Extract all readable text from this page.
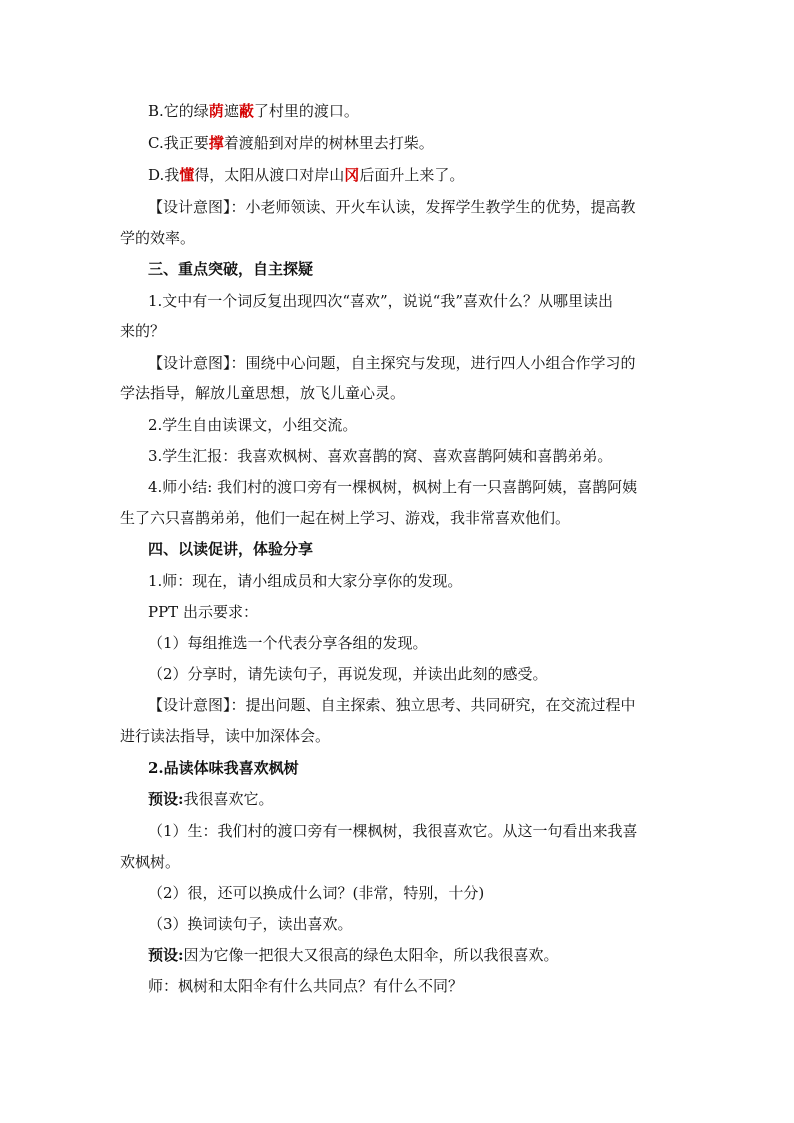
B.它的绿荫遮蔽了村里的渡口。
C.我正要撑着渡船到对岸的树林里去打柴。
D.我懂得，太阳从渡口对岸山冈后面升上来了。
【设计意图】：小老师领读、开火车认读，发挥学生教学生的优势，提高教
学的效率。
三、重点突破，自主探疑
1.文中有一个词反复出现四次“喜欢”，说说“我”喜欢什么？从哪里读出
来的？
【设计意图】：围绕中心问题，自主探究与发现，进行四人小组合作学习的
学法指导，解放儿童思想，放飞儿童心灵。
2.学生自由读课文，小组交流。
3.学生汇报：我喜欢枫树、喜欢喜鹊的窝、喜欢喜鹊阿姨和喜鹊弟弟。
4.师小结: 我们村的渡口旁有一棵枫树，枫树上有一只喜鹊阿姨，喜鹊阿姨
生了六只喜鹊弟弟，他们一起在树上学习、游戏，我非常喜欢他们。
四、以读促讲，体验分享
1.师：现在，请小组成员和大家分享你的发现。
PPT 出示要求：
（1）每组推选一个代表分享各组的发现。
（2）分享时，请先读句子，再说发现，并读出此刻的感受。
【设计意图】：提出问题、自主探索、独立思考、共同研究，在交流过程中
进行读法指导，读中加深体会。
2.品读体味我喜欢枫树
预设:我很喜欢它。
（1）生：我们村的渡口旁有一棵枫树，我很喜欢它。从这一句看出来我喜
欢枫树。
（2）很，还可以换成什么词？(非常，特别，十分)
（3）换词读句子，读出喜欢。
预设:因为它像一把很大又很高的绿色太阳伞，所以我很喜欢。
师：枫树和太阳伞有什么共同点？有什么不同？
